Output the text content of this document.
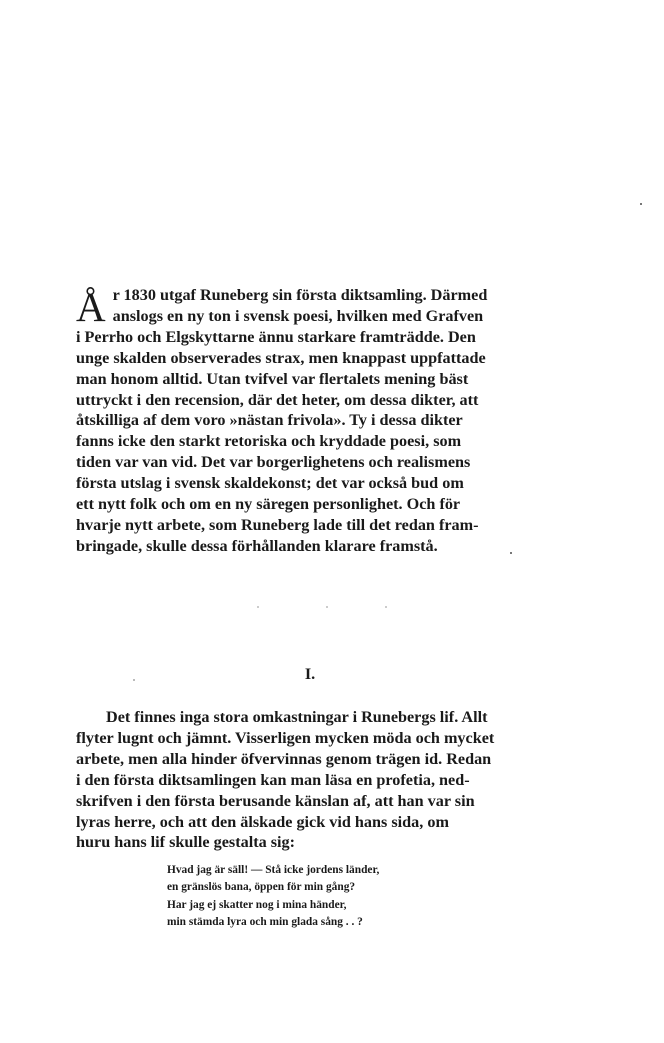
Å r 1830 utgaf Runeberg sin första diktsamling. Därmed
anslogs en ny ton i svensk poesi, hvilken med Grafven
i Perrho och Elgskyttarne ännu starkare framträdde. Den
unge skalden observerades strax, men knappast uppfattade
man honom alltid. Utan tvifvel var flertalets mening bäst
uttryckt i den recension, där det heter, om dessa dikter, att
åtskilliga af dem voro »nästan frivola». Ty i dessa dikter
fanns icke den starkt retoriska och kryddade poesi, som
tiden var van vid. Det var borgerlighetens och realismens
första utslag i svensk skaldekonst; det var också bud om
ett nytt folk och om en ny säregen personlighet. Och för
hvarje nytt arbete, som Runeberg lade till det redan fram-
bringade, skulle dessa förhållanden klarare framstå.
I.
Det finnes inga stora omkastningar i Runebergs lif. Allt
flyter lugnt och jämnt. Visserligen mycken möda och mycket
arbete, men alla hinder öfvervinnas genom trägen id. Redan
i den första diktsamlingen kan man läsa en profetia, ned-
skrifven i den första berusande känslan af, att han var sin
lyras herre, och att den älskade gick vid hans sida, om
huru hans lif skulle gestalta sig:
Hvad jag är säll! — Stå icke jordens länder,
en gränslös bana, öppen för min gång?
Har jag ej skatter nog i mina händer,
min stämda lyra och min glada sång . . ?
